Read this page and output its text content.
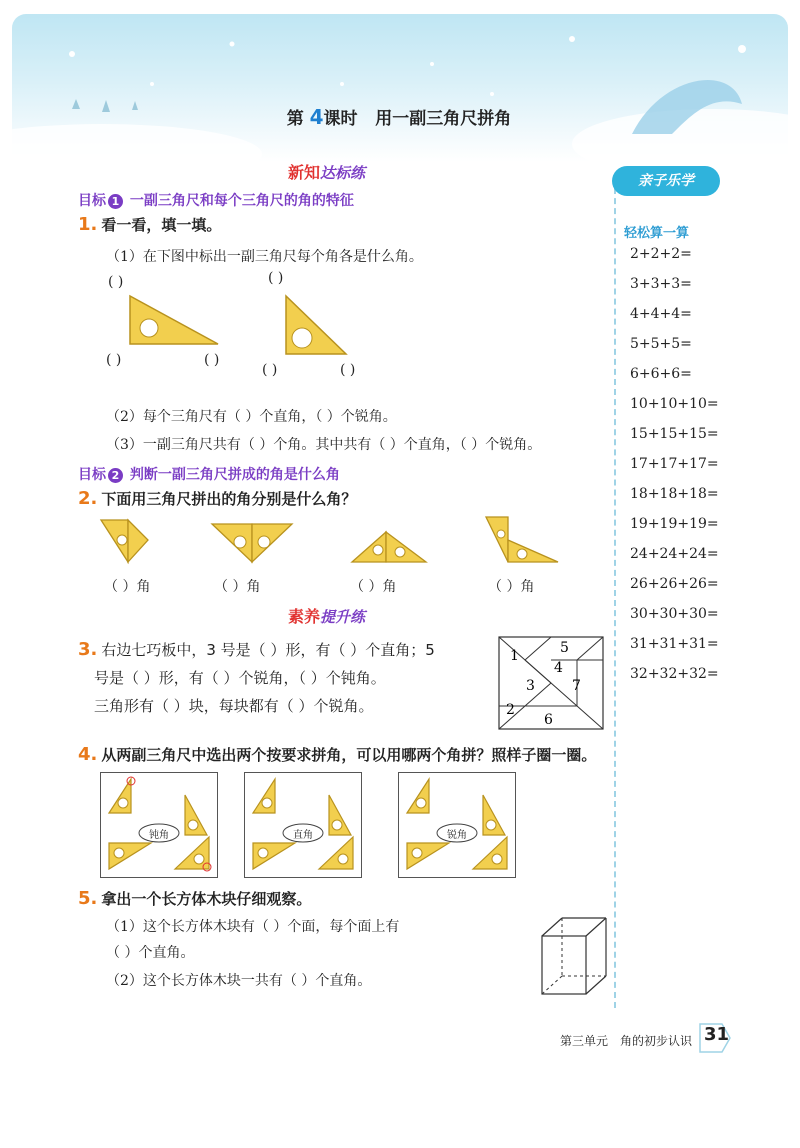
第 4课时 用一副三角尺拼角
新知达标练
目标 1 一副三角尺和每个三角尺的角的特征
1. 看一看，填一填。
（1）在下图中标出一副三角尺每个角各是什么角。
( )	( )
( )	( )
( )	( )
（2）每个三角尺有（ ）个直角，（ ）个锐角。
（3）一副三角尺共有（ ）个角。其中共有（ ）个直角，（ ）个锐角。
目标 2 判断一副三角尺拼成的角是什么角
2. 下面用三角尺拼出的角分别是什么角？
（ ）角	（ ）角	（ ）角	（ ）角
素养提升练
3. 右边七巧板中，3 号是（ ）形，有（ ）个直角；5
号是（ ）形，有（ ）个锐角，（ ）个钝角。
三角形有（ ）块，每块都有（ ）个锐角。
1
2
3
4
5
6
7
4. 从两副三角尺中选出两个按要求拼角，可以用哪两个角拼？照样子圈一圈。
钝角	直角	锐角
5. 拿出一个长方体木块仔细观察。
（1）这个长方体木块有（ ）个面，每个面上有
（ ）个直角。
（2）这个长方体木块一共有（ ）个直角。
亲子乐学
轻松算一算
2+2+2=
3+3+3=
4+4+4=
5+5+5=
6+6+6=
10+10+10=
15+15+15=
17+17+17=
18+18+18=
19+19+19=
24+24+24=
26+26+26=
30+30+30=
31+31+31=
32+32+32=
第三单元 角的初步认识 31
